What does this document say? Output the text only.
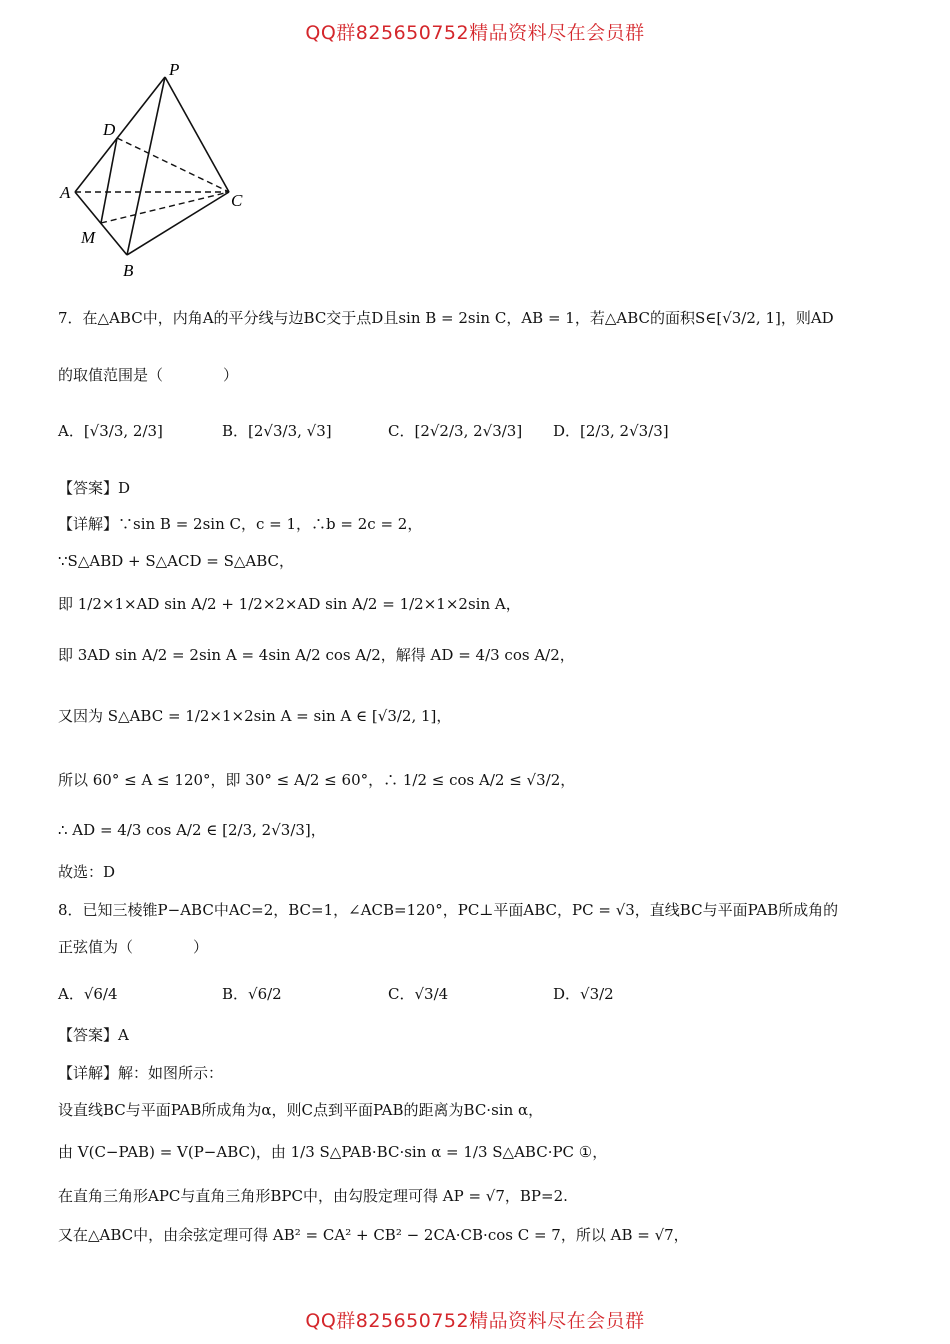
QQ群825650752精品资料尽在会员群
P
D
A	C
M
B
7．在△ABC中，内角A的平分线与边BC交于点D且sin B = 2sin C，AB = 1，若△ABC的面积S∈[√3/2, 1]，则AD
的取值范围是（　　　　）
A．[√3/3, 2/3]	B．[2√3/3, √3]	C．[2√2/3, 2√3/3] D．[2/3, 2√3/3]
【答案】D
【详解】∵sin B = 2sin C，c = 1，∴b = 2c = 2，
∵S△ABD + S△ACD = S△ABC，
即 1/2×1×AD sin A/2 + 1/2×2×AD sin A/2 = 1/2×1×2sin A，
即 3AD sin A/2 = 2sin A = 4sin A/2 cos A/2，解得 AD = 4/3 cos A/2，
又因为 S△ABC = 1/2×1×2sin A = sin A ∈ [√3/2, 1]，
所以 60° ≤ A ≤ 120°，即 30° ≤ A/2 ≤ 60°，∴ 1/2 ≤ cos A/2 ≤ √3/2，
∴ AD = 4/3 cos A/2 ∈ [2/3, 2√3/3]，
故选：D
8．已知三棱锥P−ABC中AC=2，BC=1，∠ACB=120°，PC⊥平面ABC，PC = √3，直线BC与平面PAB所成角的
正弦值为（　　　　）
A．√6/4	B．√6/2	C．√3/4	D．√3/2
【答案】A
【详解】解：如图所示：
设直线BC与平面PAB所成角为α，则C点到平面PAB的距离为BC·sin α，
由 V(C−PAB) = V(P−ABC)，由 1/3 S△PAB·BC·sin α = 1/3 S△ABC·PC ①，
在直角三角形APC与直角三角形BPC中，由勾股定理可得 AP = √7，BP=2.
又在△ABC中，由余弦定理可得 AB² = CA² + CB² − 2CA·CB·cos C = 7，所以 AB = √7，
QQ群825650752精品资料尽在会员群
